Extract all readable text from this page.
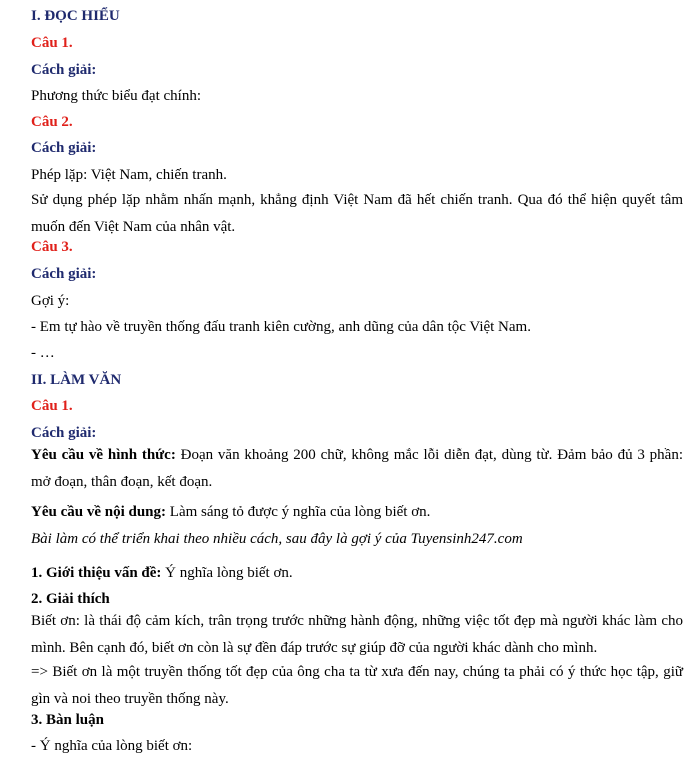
I. ĐỌC HIỂU
Câu 1.
Cách giải:
Phương thức biểu đạt chính:
Câu 2.
Cách giải:
Phép lặp: Việt Nam, chiến tranh.
Sử dụng phép lặp nhằm nhấn mạnh, khẳng định Việt Nam đã hết chiến tranh. Qua đó thể hiện quyết tâm muốn đến Việt Nam của nhân vật.
Câu 3.
Cách giải:
Gợi ý:
- Em tự hào về truyền thống đấu tranh kiên cường, anh dũng của dân tộc Việt Nam.
- …
II. LÀM VĂN
Câu 1.
Cách giải:
Yêu cầu về hình thức: Đoạn văn khoảng 200 chữ, không mắc lỗi diễn đạt, dùng từ. Đảm bảo đủ 3 phần: mở đoạn, thân đoạn, kết đoạn.
Yêu cầu về nội dung: Làm sáng tỏ được ý nghĩa của lòng biết ơn.
Bài làm có thể triển khai theo nhiều cách, sau đây là gợi ý của Tuyensinh247.com
1. Giới thiệu vấn đề: Ý nghĩa lòng biết ơn.
2. Giải thích
Biết ơn: là thái độ cảm kích, trân trọng trước những hành động, những việc tốt đẹp mà người khác làm cho mình. Bên cạnh đó, biết ơn còn là sự đền đáp trước sự giúp đỡ của người khác dành cho mình.
=> Biết ơn là một truyền thống tốt đẹp của ông cha ta từ xưa đến nay, chúng ta phải có ý thức học tập, giữ gìn và noi theo truyền thống này.
3. Bàn luận
- Ý nghĩa của lòng biết ơn:
